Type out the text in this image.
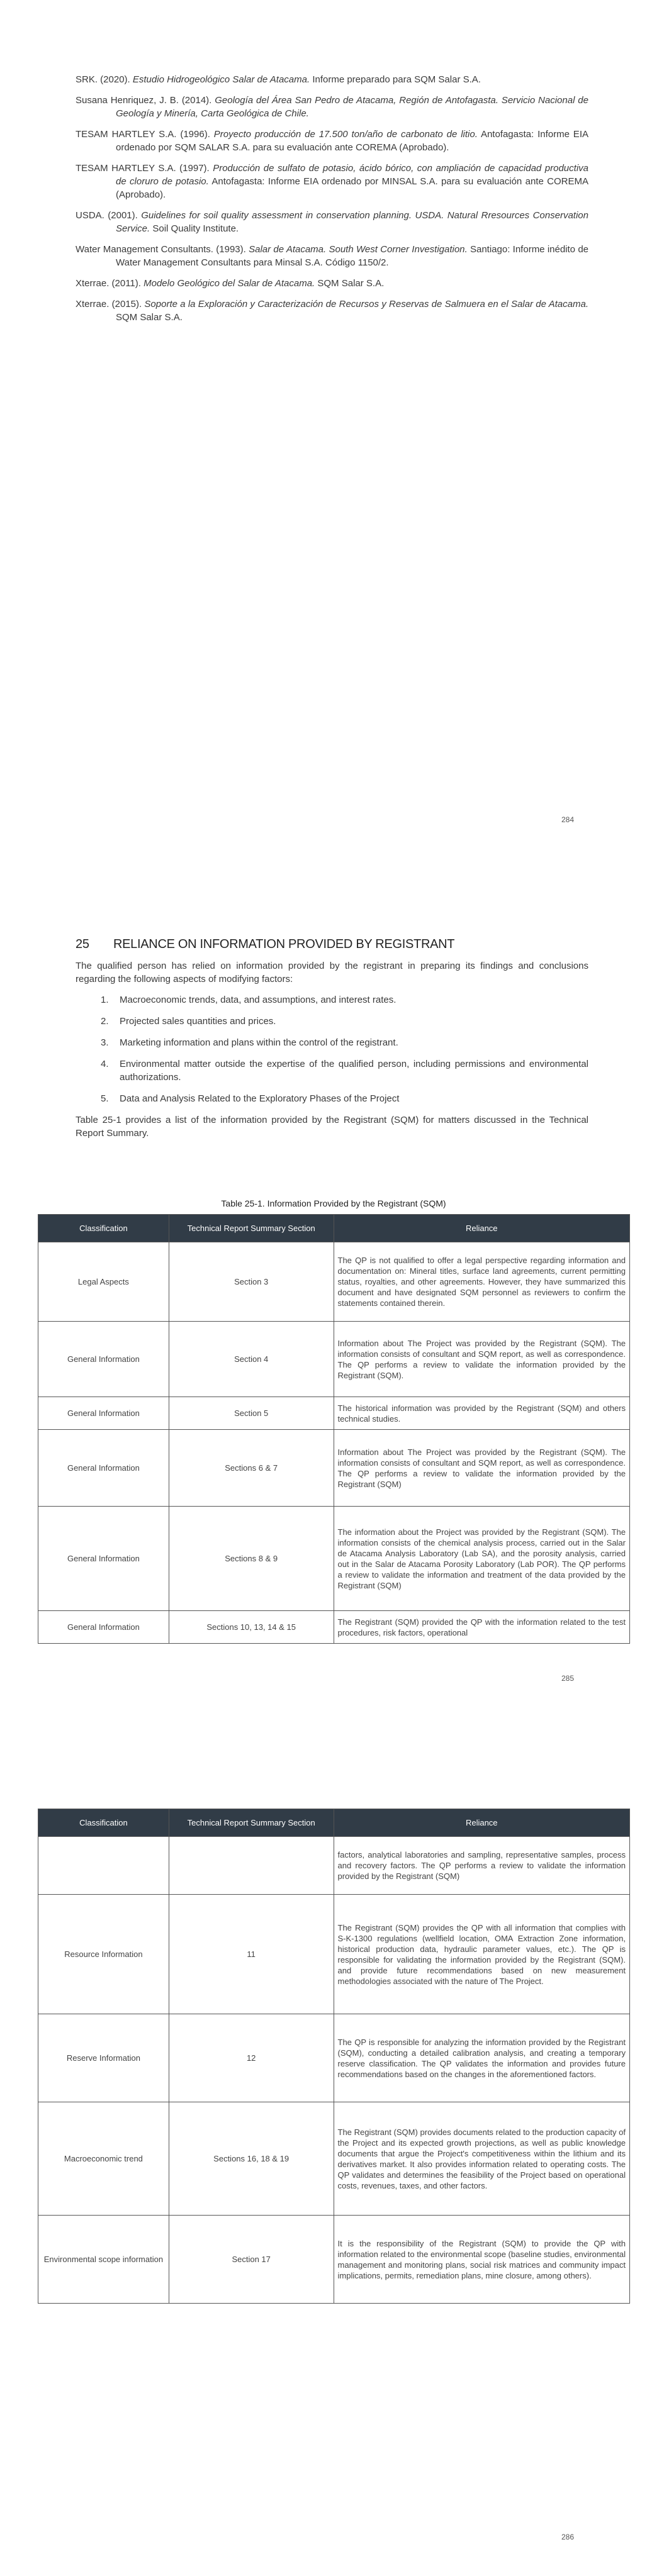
SRK. (2020). Estudio Hidrogeológico Salar de Atacama. Informe preparado para SQM Salar S.A.
Susana Henriquez, J. B. (2014). Geología del Área San Pedro de Atacama, Región de Antofagasta. Servicio Nacional de Geología y Minería, Carta Geológica de Chile.
TESAM HARTLEY S.A. (1996). Proyecto producción de 17.500 ton/año de carbonato de litio. Antofagasta: Informe EIA ordenado por SQM SALAR S.A. para su evaluación ante COREMA (Aprobado).
TESAM HARTLEY S.A. (1997). Producción de sulfato de potasio, ácido bórico, con ampliación de capacidad productiva de cloruro de potasio. Antofagasta: Informe EIA ordenado por MINSAL S.A. para su evaluación ante COREMA (Aprobado).
USDA. (2001). Guidelines for soil quality assessment in conservation planning. USDA. Natural Rresources Conservation Service. Soil Quality Institute.
Water Management Consultants. (1993). Salar de Atacama. South West Corner Investigation. Santiago: Informe inédito de Water Management Consultants para Minsal S.A. Código 1150/2.
Xterrae. (2011). Modelo Geológico del Salar de Atacama. SQM Salar S.A.
Xterrae. (2015). Soporte a la Exploración y Caracterización de Recursos y Reservas de Salmuera en el Salar de Atacama. SQM Salar S.A.
284
25 RELIANCE ON INFORMATION PROVIDED BY REGISTRANT

The qualified person has relied on information provided by the registrant in preparing its findings and conclusions regarding the following aspects of modifying factors:

1.	Macroeconomic trends, data, and assumptions, and interest rates.
2.	Projected sales quantities and prices.
3.	Marketing information and plans within the control of the registrant.
4.	Environmental matter outside the expertise of the qualified person, including permissions and environmental authorizations.
5.	Data and Analysis Related to the Exploratory Phases of the Project

Table 25-1 provides a list of the information provided by the Registrant (SQM) for matters discussed in the Technical Report Summary.

Table 25-1. Information Provided by the Registrant (SQM)
Classification	Technical Report Summary Section	Reliance
Legal Aspects	Section 3	The QP is not qualified to offer a legal perspective regarding information and documentation on: Mineral titles, surface land agreements, current permitting status, royalties, and other agreements. However, they have summarized this document and have designated SQM personnel as reviewers to confirm the statements contained therein.
General Information	Section 4	Information about The Project was provided by the Registrant (SQM). The information consists of consultant and SQM report, as well as correspondence. The QP performs a review to validate the information provided by the Registrant (SQM).
General Information	Section 5	The historical information was provided by the Registrant (SQM) and others technical studies.
General Information	Sections 6 & 7	Information about The Project was provided by the Registrant (SQM). The information consists of consultant and SQM report, as well as correspondence. The QP performs a review to validate the information provided by the Registrant (SQM)
General Information	Sections 8 & 9	The information about the Project was provided by the Registrant (SQM). The information consists of the chemical analysis process, carried out in the Salar de Atacama Analysis Laboratory (Lab SA), and the porosity analysis, carried out in the Salar de Atacama Porosity Laboratory (Lab POR). The QP performs a review to validate the information and treatment of the data provided by the Registrant (SQM)
General Information	Sections 10, 13, 14 & 15	The Registrant (SQM) provided the QP with the information related to the test procedures, risk factors, operational
285
Classification	Technical Report Summary Section	Reliance
		factors, analytical laboratories and sampling, representative samples, process and recovery factors. The QP performs a review to validate the information provided by the Registrant (SQM)
Resource Information	11	The Registrant (SQM) provides the QP with all information that complies with S-K-1300 regulations (wellfield location, OMA Extraction Zone information, historical production data, hydraulic parameter values, etc.). The QP is responsible for validating the information provided by the Registrant (SQM). and provide future recommendations based on new measurement methodologies associated with the nature of The Project.
Reserve Information	12	The QP is responsible for analyzing the information provided by the Registrant (SQM), conducting a detailed calibration analysis, and creating a temporary reserve classification. The QP validates the information and provides future recommendations based on the changes in the aforementioned factors.
Macroeconomic trend	Sections 16, 18 & 19	The Registrant (SQM) provides documents related to the production capacity of the Project and its expected growth projections, as well as public knowledge documents that argue the Project's competitiveness within the lithium and its derivatives market. It also provides information related to operating costs. The QP validates and determines the feasibility of the Project based on operational costs, revenues, taxes, and other factors.
Environmental scope information	Section 17	It is the responsibility of the Registrant (SQM) to provide the QP with information related to the environmental scope (baseline studies, environmental management and monitoring plans, social risk matrices and community impact implications, permits, remediation plans, mine closure, among others).
286
